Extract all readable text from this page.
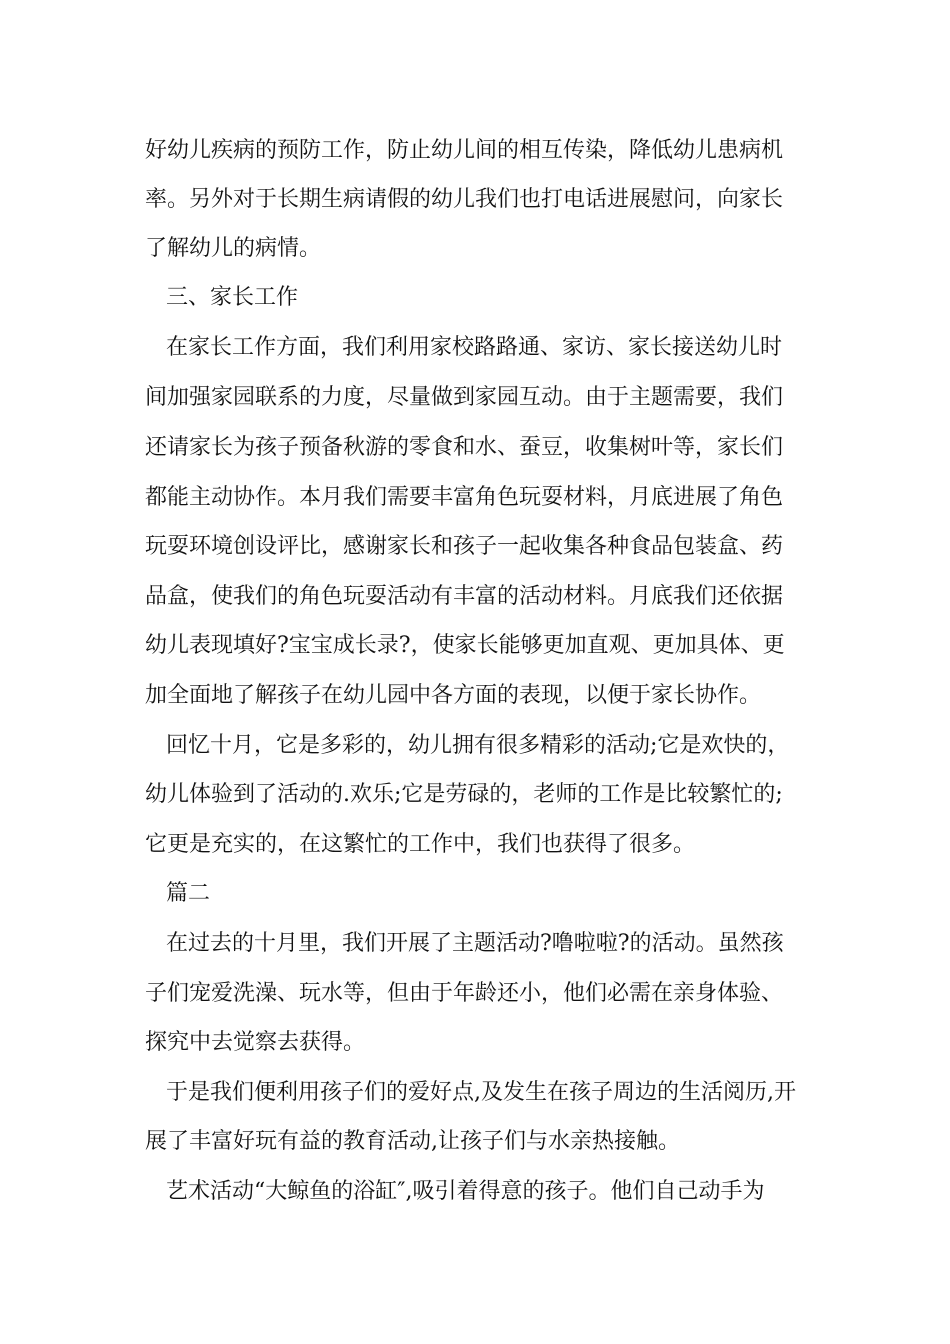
好幼儿疾病的预防工作，防止幼儿间的相互传染，降低幼儿患病机
率。另外对于长期生病请假的幼儿我们也打电话进展慰问，向家长
了解幼儿的病情。
三、家长工作
在家长工作方面，我们利用家校路路通、家访、家长接送幼儿时
间加强家园联系的力度，尽量做到家园互动。由于主题需要，我们
还请家长为孩子预备秋游的零食和水、蚕豆，收集树叶等，家长们
都能主动协作。本月我们需要丰富角色玩耍材料，月底进展了角色
玩耍环境创设评比，感谢家长和孩子一起收集各种食品包装盒、药
品盒，使我们的角色玩耍活动有丰富的活动材料。月底我们还依据
幼儿表现填好?宝宝成长录?，使家长能够更加直观、更加具体、更
加全面地了解孩子在幼儿园中各方面的表现，以便于家长协作。
回忆十月，它是多彩的，幼儿拥有很多精彩的活动;它是欢快的，
幼儿体验到了活动的.欢乐;它是劳碌的，老师的工作是比较繁忙的;
它更是充实的，在这繁忙的工作中，我们也获得了很多。
篇二
在过去的十月里，我们开展了主题活动?噜啦啦?的活动。虽然孩
子们宠爱洗澡、玩水等，但由于年龄还小，他们必需在亲身体验、
探究中去觉察去获得。
于是我们便利用孩子们的爱好点,及发生在孩子周边的生活阅历,开
展了丰富好玩有益的教育活动,让孩子们与水亲热接触。
艺术活动“大鲸鱼的浴缸″,吸引着得意的孩子。他们自己动手为
